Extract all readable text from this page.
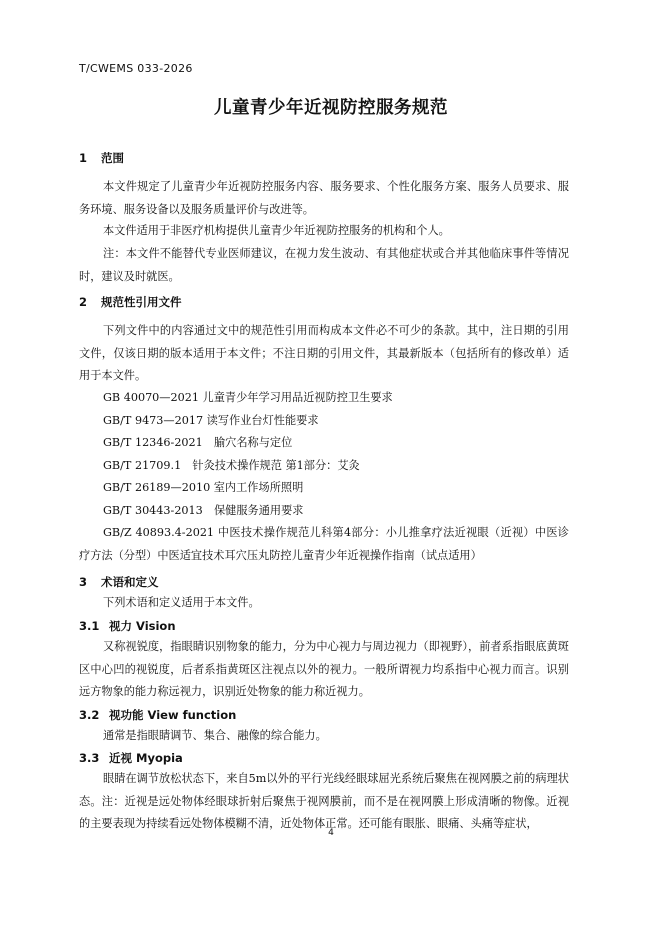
T/CWEMS 033-2026
儿童青少年近视防控服务规范
1 范围
本文件规定了儿童青少年近视防控服务内容、服务要求、个性化服务方案、服务人员要求、服务环境、服务设备以及服务质量评价与改进等。
本文件适用于非医疗机构提供儿童青少年近视防控服务的机构和个人。
注：本文件不能替代专业医师建议，在视力发生波动、有其他症状或合并其他临床事件等情况时，建议及时就医。
2 规范性引用文件
下列文件中的内容通过文中的规范性引用而构成本文件必不可少的条款。其中，注日期的引用文件，仅该日期的版本适用于本文件；不注日期的引用文件，其最新版本（包括所有的修改单）适用于本文件。
GB 40070—2021 儿童青少年学习用品近视防控卫生要求
GB/T 9473—2017 读写作业台灯性能要求
GB/T 12346-2021　腧穴名称与定位
GB/T 21709.1　针灸技术操作规范 第1部分：艾灸
GB/T 26189—2010 室内工作场所照明
GB/T 30443-2013　保健服务通用要求
GB/Z 40893.4-2021 中医技术操作规范儿科第4部分：小儿推拿疗法近视眼（近视）中医诊疗方法（分型）中医适宜技术耳穴压丸防控儿童青少年近视操作指南（试点适用）
3 术语和定义
下列术语和定义适用于本文件。
3.1 视力 Vision
又称视锐度，指眼睛识别物象的能力，分为中心视力与周边视力（即视野），前者系指眼底黄斑区中心凹的视锐度，后者系指黄斑区注视点以外的视力。一般所谓视力均系指中心视力而言。识别远方物象的能力称远视力，识别近处物象的能力称近视力。
3.2 视功能 View function
通常是指眼睛调节、集合、融像的综合能力。
3.3 近视 Myopia
眼睛在调节放松状态下，来自5m以外的平行光线经眼球屈光系统后聚焦在视网膜之前的病理状态。注：近视是远处物体经眼球折射后聚焦于视网膜前，而不是在视网膜上形成清晰的物像。近视的主要表现为持续看远处物体模糊不清，近处物体正常。还可能有眼胀、眼痛、头痛等症状，
4
